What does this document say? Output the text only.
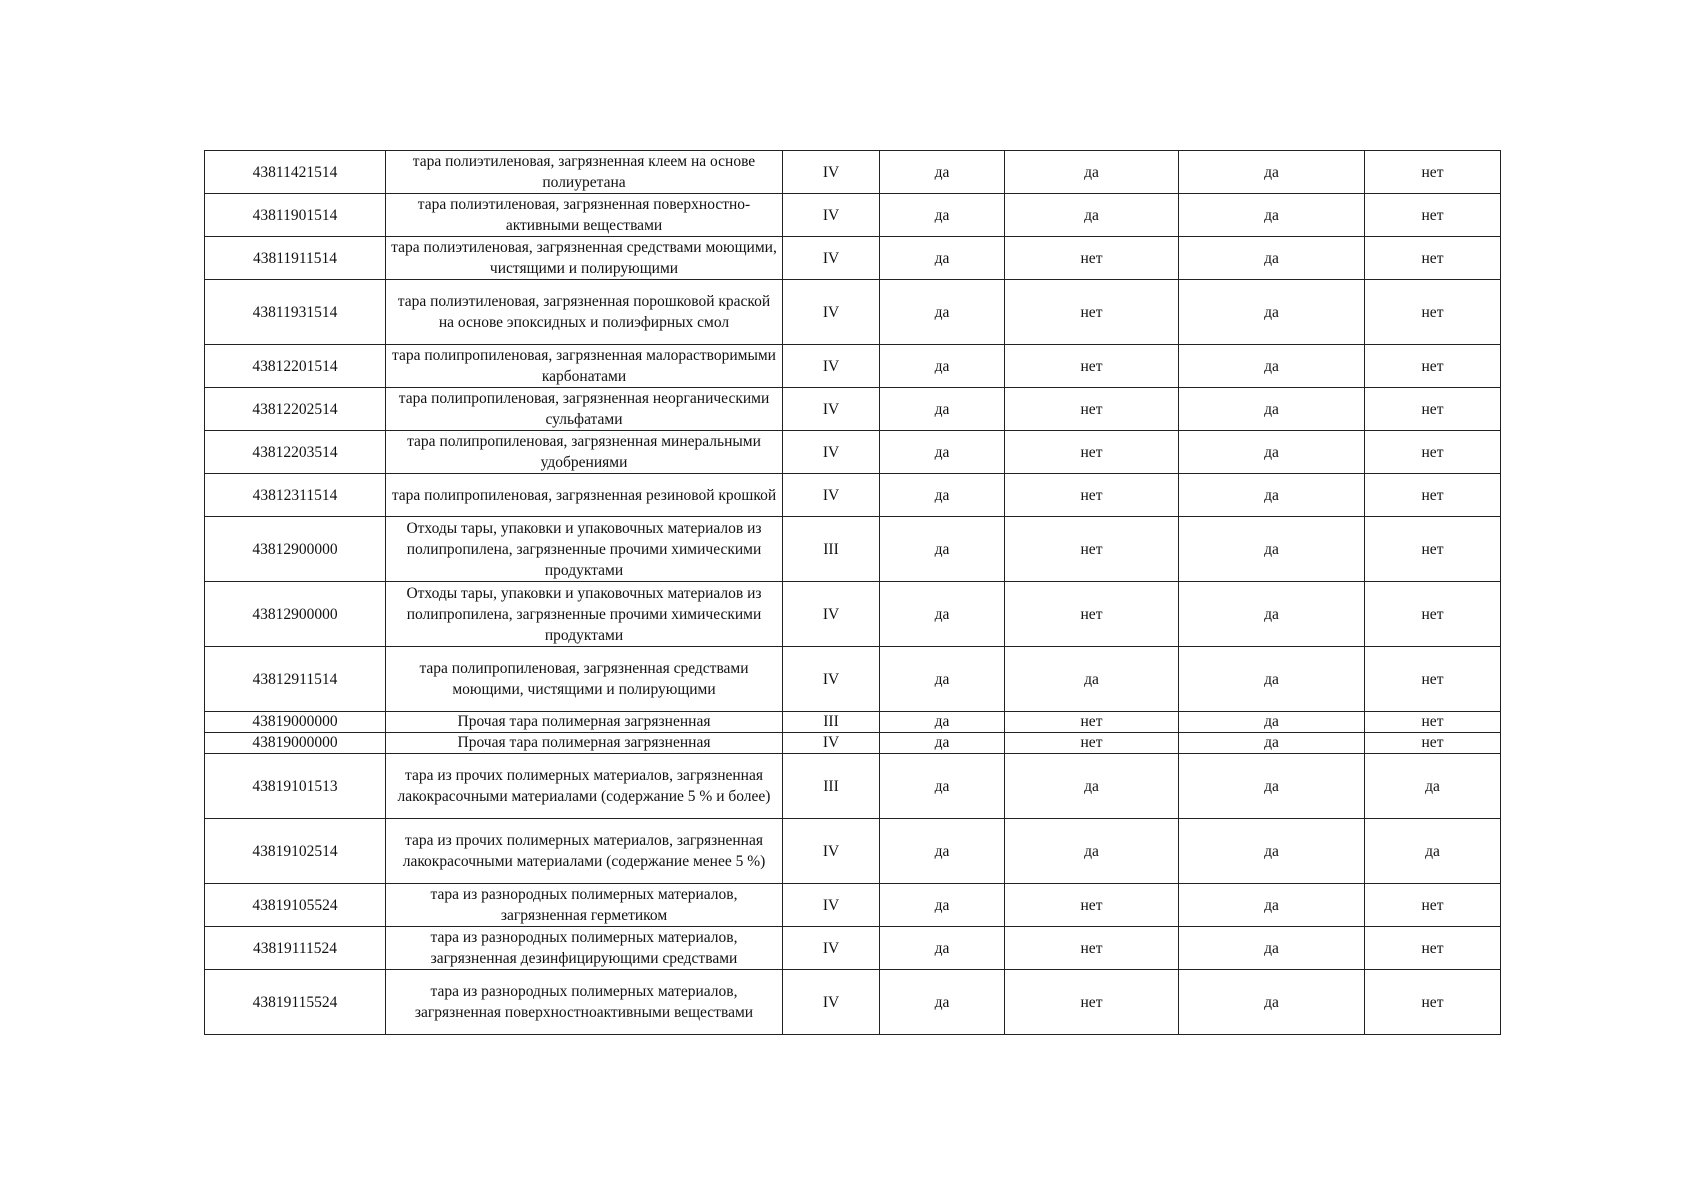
43811421514	тара полиэтиленовая, загрязненная клеем на основе полиуретана	IV	да	да	да	нет
43811901514	тара полиэтиленовая, загрязненная поверхностно-активными веществами	IV	да	да	да	нет
43811911514	тара полиэтиленовая, загрязненная средствами моющими, чистящими и полирующими	IV	да	нет	да	нет
43811931514	тара полиэтиленовая, загрязненная порошковой краской на основе эпоксидных и полиэфирных смол	IV	да	нет	да	нет
43812201514	тара полипропиленовая, загрязненная малорастворимыми карбонатами	IV	да	нет	да	нет
43812202514	тара полипропиленовая, загрязненная неорганическими сульфатами	IV	да	нет	да	нет
43812203514	тара полипропиленовая, загрязненная минеральными удобрениями	IV	да	нет	да	нет
43812311514	тара полипропиленовая, загрязненная резиновой крошкой	IV	да	нет	да	нет
43812900000	Отходы тары, упаковки и упаковочных материалов из полипропилена, загрязненные прочими химическими продуктами	III	да	нет	да	нет
43812900000	Отходы тары, упаковки и упаковочных материалов из полипропилена, загрязненные прочими химическими продуктами	IV	да	нет	да	нет
43812911514	тара полипропиленовая, загрязненная средствами моющими, чистящими и полирующими	IV	да	да	да	нет
43819000000	Прочая тара полимерная загрязненная	III	да	нет	да	нет
43819000000	Прочая тара полимерная загрязненная	IV	да	нет	да	нет
43819101513	тара из прочих полимерных материалов, загрязненная лакокрасочными материалами (содержание 5 % и более)	III	да	да	да	да
43819102514	тара из прочих полимерных материалов, загрязненная лакокрасочными материалами (содержание менее 5 %)	IV	да	да	да	да
43819105524	тара из разнородных полимерных материалов, загрязненная герметиком	IV	да	нет	да	нет
43819111524	тара из разнородных полимерных материалов, загрязненная дезинфицирующими средствами	IV	да	нет	да	нет
43819115524	тара из разнородных полимерных материалов, загрязненная поверхностноактивными веществами	IV	да	нет	да	нет
